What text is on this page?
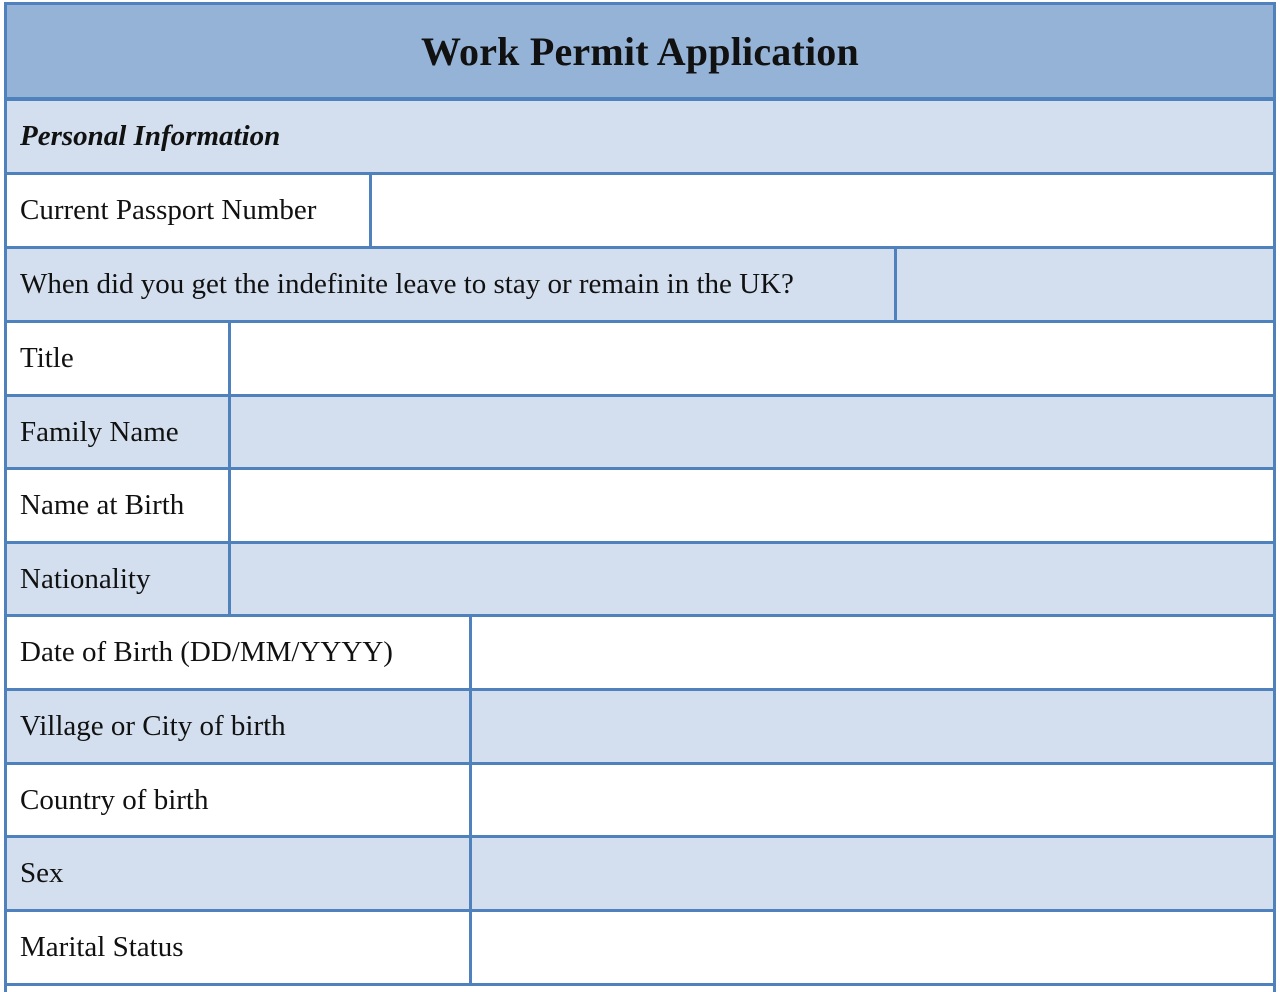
Work Permit Application
Personal Information
Current Passport Number
When did you get the indefinite leave to stay or remain in the UK?
Title
Family Name
Name at Birth
Nationality
Date of Birth (DD/MM/YYYY)
Village or City of birth
Country of birth
Sex
Marital Status
